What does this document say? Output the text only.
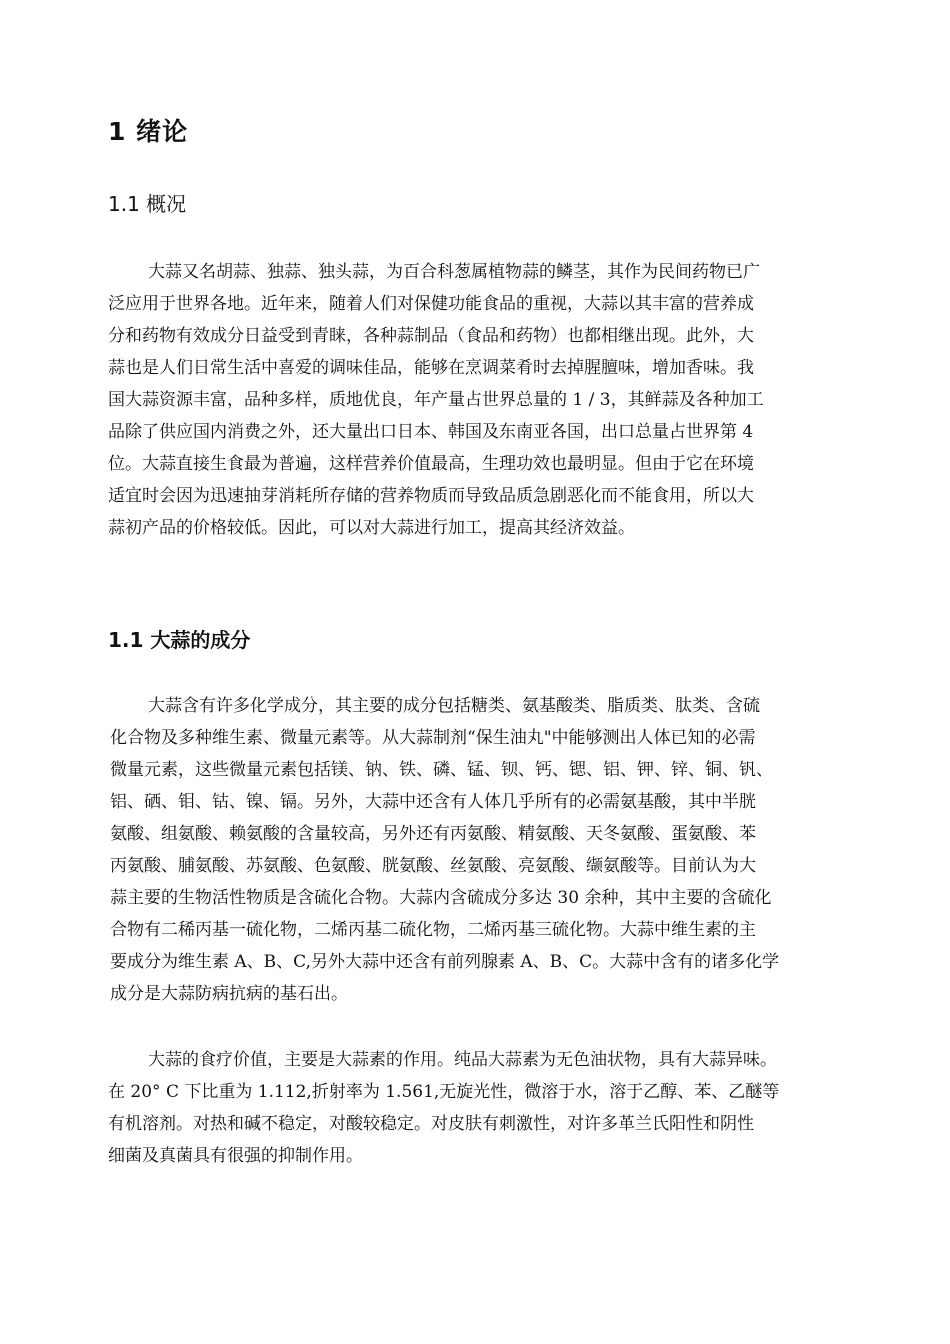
1 绪论
1.1 概况
大蒜又名胡蒜、独蒜、独头蒜，为百合科葱属植物蒜的鳞茎，其作为民间药物已广
泛应用于世界各地。近年来，随着人们对保健功能食品的重视，大蒜以其丰富的营养成
分和药物有效成分日益受到青睐，各种蒜制品（食品和药物）也都相继出现。此外，大
蒜也是人们日常生活中喜爱的调味佳品，能够在烹调菜肴时去掉腥膻味，增加香味。我
国大蒜资源丰富，品种多样，质地优良，年产量占世界总量的 1 / 3，其鲜蒜及各种加工
品除了供应国内消费之外，还大量出口日本、韩国及东南亚各国，出口总量占世界第 4
位。大蒜直接生食最为普遍，这样营养价值最高，生理功效也最明显。但由于它在环境
适宜时会因为迅速抽芽消耗所存储的营养物质而导致品质急剧恶化而不能食用，所以大
蒜初产品的价格较低。因此，可以对大蒜进行加工，提高其经济效益。
1.1 大蒜的成分
大蒜含有许多化学成分，其主要的成分包括糖类、氨基酸类、脂质类、肽类、含硫
化合物及多种维生素、微量元素等。从大蒜制剂“保生油丸"中能够测出人体已知的必需
微量元素，这些微量元素包括镁、钠、铁、磷、锰、钡、钙、锶、铝、钾、锌、铜、钒、
铝、硒、钼、钴、镍、镉。另外，大蒜中还含有人体几乎所有的必需氨基酸，其中半胱
氨酸、组氨酸、赖氨酸的含量较高，另外还有丙氨酸、精氨酸、天冬氨酸、蛋氨酸、苯
丙氨酸、脯氨酸、苏氨酸、色氨酸、胱氨酸、丝氨酸、亮氨酸、缬氨酸等。目前认为大
蒜主要的生物活性物质是含硫化合物。大蒜内含硫成分多达 30 余种，其中主要的含硫化
合物有二稀丙基一硫化物，二烯丙基二硫化物，二烯丙基三硫化物。大蒜中维生素的主
要成分为维生素 A、B、C,另外大蒜中还含有前列腺素 A、B、C。大蒜中含有的诸多化学
成分是大蒜防病抗病的基石出。
大蒜的食疗价值，主要是大蒜素的作用。纯品大蒜素为无色油状物，具有大蒜异味。
在 20° C 下比重为 1.112,折射率为 1.561,无旋光性，微溶于水，溶于乙醇、苯、乙醚等
有机溶剂。对热和碱不稳定，对酸较稳定。对皮肤有刺激性，对许多革兰氏阳性和阴性
细菌及真菌具有很强的抑制作用。
